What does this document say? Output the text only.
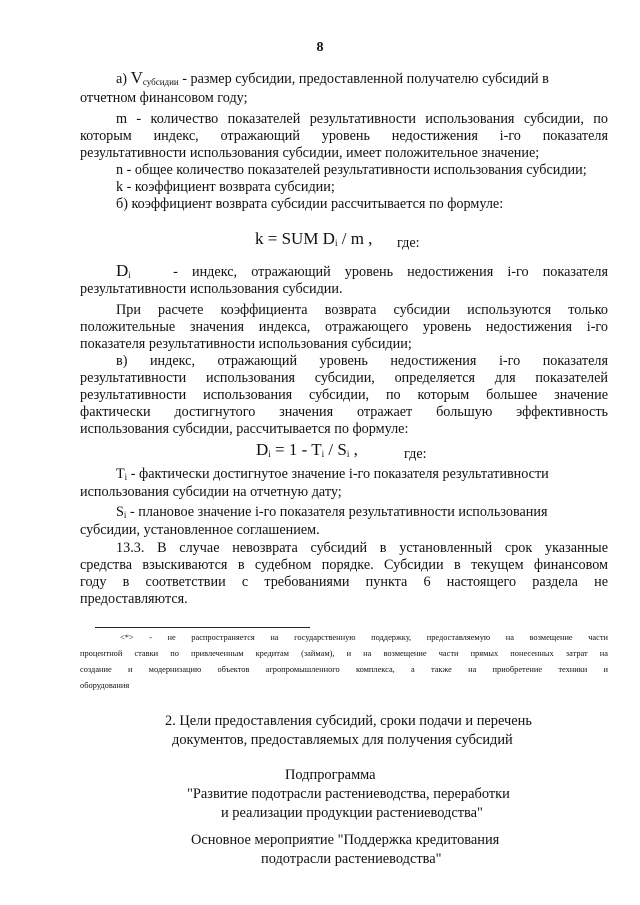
8

а) $V_{субсидии}$ - размер субсидии, предоставленной получателю субсидий в

отчетном финансовом году;

m - количество показателей результативности использования субсидии, по

которым индекс, отражающий уровень недостижения i-го показателя

результативности использования субсидии, имеет положительное значение;

n - общее количество показателей результативности использования субсидии;

k - коэффициент возврата субсидии;

б) коэффициент возврата субсидии рассчитывается по формуле:

k = SUM $D_i$ / m , где:

$D_i$	- индекс, отражающий уровень недостижения i-го показателя

результативности использования субсидии.

При расчете коэффициента возврата субсидии используются только

положительные значения индекса, отражающего уровень недостижения i-го

показателя результативности использования субсидии;

в) индекс, отражающий уровень недостижения i-го показателя

результативности использования субсидии, определяется для показателей

результативности использования субсидии, по которым большее значение

фактически достигнутого значения отражает большую эффективность

использования субсидии, рассчитывается по формуле:

$D_i = 1 - T_i / S_i$ ,	где:

$T_i$ - фактически достигнутое значение i-го показателя результативности

использования субсидии на отчетную дату;

$S_i$ - плановое значение i-го показателя результативности использования

субсидии, установленное соглашением.

13.3. В случае невозврата субсидий в установленный срок указанные

средства взыскиваются в судебном порядке. Субсидии в текущем финансовом

году в соответствии с требованиями пункта 6 настоящего раздела не

предоставляются.

<*> - не распространяется на государственную поддержку, предоставляемую на возмещение части

процентной ставки по привлеченным кредитам (займам), и на возмещение части прямых понесенных затрат на

создание и модернизацию объектов агропромышленного комплекса, а также на приобретение техники и

оборудования

2. Цели предоставления субсидий, сроки подачи и перечень

документов, предоставляемых для получения субсидий

Подпрограмма

"Развитие подотрасли растениеводства, переработки

и реализации продукции растениеводства"

Основное мероприятие "Поддержка кредитования

подотрасли растениеводства"
